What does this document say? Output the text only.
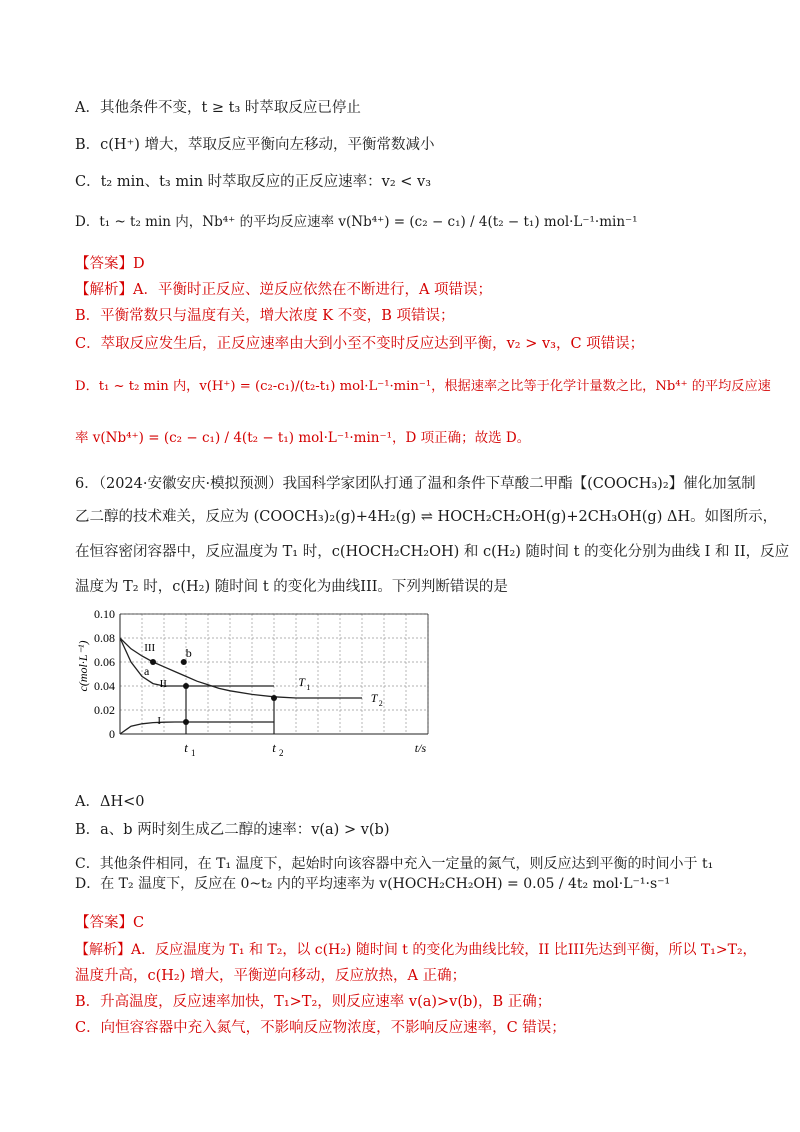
A．其他条件不变，t ≥ t₃ 时萃取反应已停止
B．c(H⁺) 增大，萃取反应平衡向左移动，平衡常数减小
C．t₂ min、t₃ min 时萃取反应的正反应速率：v₂ < v₃
D．t₁ ~ t₂ min 内，Nb⁴⁺ 的平均反应速率 v(Nb⁴⁺) = (c₂ − c₁) / 4(t₂ − t₁) mol·L⁻¹·min⁻¹
【答案】D
【解析】A．平衡时正反应、逆反应依然在不断进行，A 项错误；
B．平衡常数只与温度有关，增大浓度 K 不变，B 项错误；
C．萃取反应发生后，正反应速率由大到小至不变时反应达到平衡，v₂ > v₃，C 项错误；
D．t₁ ~ t₂ min 内，v(H⁺) = (c₂-c₁)/(t₂-t₁) mol·L⁻¹·min⁻¹，根据速率之比等于化学计量数之比，Nb⁴⁺ 的平均反应速
率 v(Nb⁴⁺) = (c₂ − c₁) / 4(t₂ − t₁) mol·L⁻¹·min⁻¹，D 项正确；故选 D。
6．（2024·安徽安庆·模拟预测）我国科学家团队打通了温和条件下草酸二甲酯【(COOCH₃)₂】催化加氢制
乙二醇的技术难关，反应为 (COOCH₃)₂(g)+4H₂(g) ⇌ HOCH₂CH₂OH(g)+2CH₃OH(g) ΔH。如图所示，
在恒容密闭容器中，反应温度为 T₁ 时，c(HOCH₂CH₂OH) 和 c(H₂) 随时间 t 的变化分别为曲线 I 和 II，反应
温度为 T₂ 时，c(H₂) 随时间 t 的变化为曲线III。下列判断错误的是
0
0.02
0.04
0.06
0.08
0.10
c(mol·L⁻¹)
t 1	t 2	t/s
a
b
III
II
I
T 1
T 2
A．ΔH<0
B．a、b 两时刻生成乙二醇的速率：v(a) > v(b)
C．其他条件相同，在 T₁ 温度下，起始时向该容器中充入一定量的氮气，则反应达到平衡的时间小于 t₁
D．在 T₂ 温度下，反应在 0~t₂ 内的平均速率为 v(HOCH₂CH₂OH) = 0.05 / 4t₂ mol·L⁻¹·s⁻¹
【答案】C
【解析】A．反应温度为 T₁ 和 T₂，以 c(H₂) 随时间 t 的变化为曲线比较，II 比III先达到平衡，所以 T₁>T₂，
温度升高，c(H₂) 增大，平衡逆向移动，反应放热，A 正确；
B．升高温度，反应速率加快，T₁>T₂，则反应速率 v(a)>v(b)，B 正确；
C．向恒容容器中充入氮气，不影响反应物浓度，不影响反应速率，C 错误；
